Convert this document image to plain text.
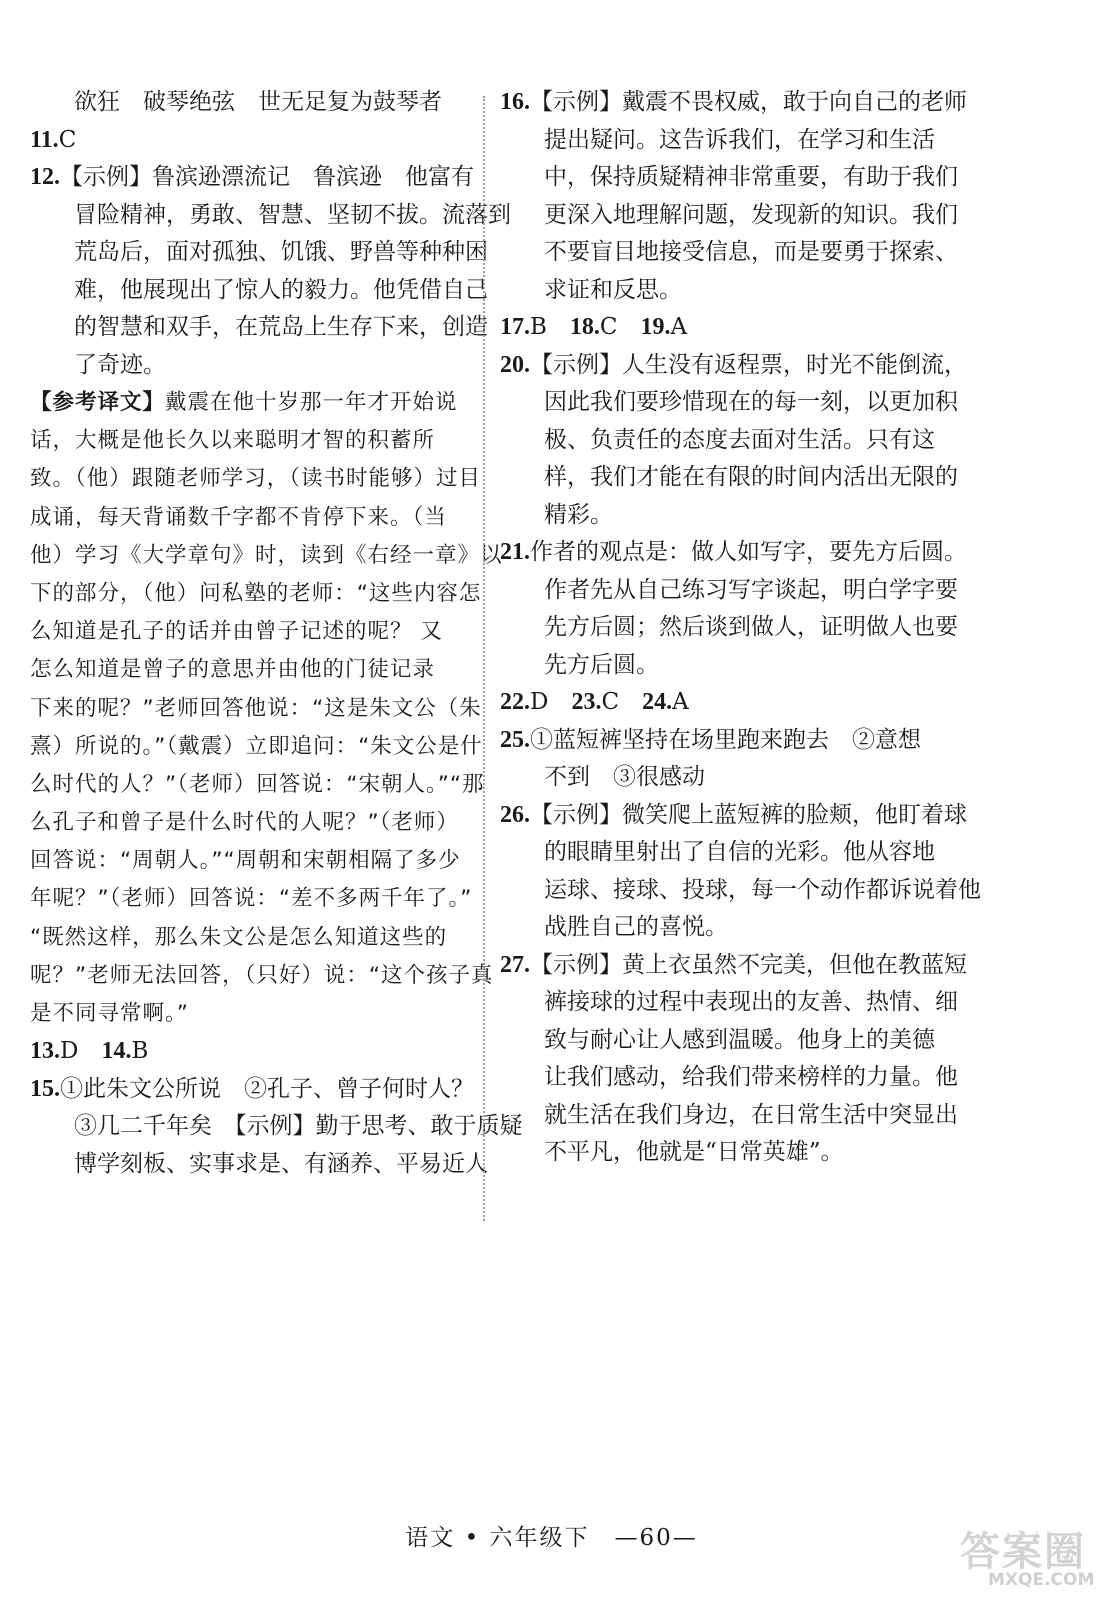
欲狂　破琴绝弦　世无足复为鼓琴者
11.C
12.【示例】鲁滨逊漂流记　鲁滨逊　他富有
冒险精神，勇敢、智慧、坚韧不拔。流落到
荒岛后，面对孤独、饥饿、野兽等种种困
难，他展现出了惊人的毅力。他凭借自己
的智慧和双手，在荒岛上生存下来，创造
了奇迹。
【参考译文】戴震在他十岁那一年才开始说
话，大概是他长久以来聪明才智的积蓄所
致。（他）跟随老师学习，（读书时能够）过目
成诵，每天背诵数千字都不肯停下来。（当
他）学习《大学章句》时，读到《右经一章》以
下的部分，（他）问私塾的老师：“这些内容怎
么知道是孔子的话并由曾子记述的呢？ 又
怎么知道是曾子的意思并由他的门徒记录
下来的呢？”老师回答他说：“这是朱文公（朱
熹）所说的。”（戴震）立即追问：“朱文公是什
么时代的人？”（老师）回答说：“宋朝人。”“那
么孔子和曾子是什么时代的人呢？”（老师）
回答说：“周朝人。”“周朝和宋朝相隔了多少
年呢？”（老师）回答说：“差不多两千年了。”
“既然这样，那么朱文公是怎么知道这些的
呢？”老师无法回答，（只好）说：“这个孩子真
是不同寻常啊。”
13.D　14.B
15.①此朱文公所说　②孔子、曾子何时人？
③几二千年矣　【示例】勤于思考、敢于质疑
博学刻板、实事求是、有涵养、平易近人
16.【示例】戴震不畏权威，敢于向自己的老师
提出疑问。这告诉我们，在学习和生活
中，保持质疑精神非常重要，有助于我们
更深入地理解问题，发现新的知识。我们
不要盲目地接受信息，而是要勇于探索、
求证和反思。
17.B　18.C　19.A
20.【示例】人生没有返程票，时光不能倒流，
因此我们要珍惜现在的每一刻，以更加积
极、负责任的态度去面对生活。只有这
样，我们才能在有限的时间内活出无限的
精彩。
21.作者的观点是：做人如写字，要先方后圆。
作者先从自己练习写字谈起，明白学字要
先方后圆；然后谈到做人，证明做人也要
先方后圆。
22.D　23.C　24.A
25.①蓝短裤坚持在场里跑来跑去　②意想
不到　③很感动
26.【示例】微笑爬上蓝短裤的脸颊，他盯着球
的眼睛里射出了自信的光彩。他从容地
运球、接球、投球，每一个动作都诉说着他
战胜自己的喜悦。
27.【示例】黄上衣虽然不完美，但他在教蓝短
裤接球的过程中表现出的友善、热情、细
致与耐心让人感到温暖。他身上的美德
让我们感动，给我们带来榜样的力量。他
就生活在我们身边，在日常生活中突显出
不平凡，他就是“日常英雄”。
语文 • 六年级下　—60—	答案圈
MXQE.COM
